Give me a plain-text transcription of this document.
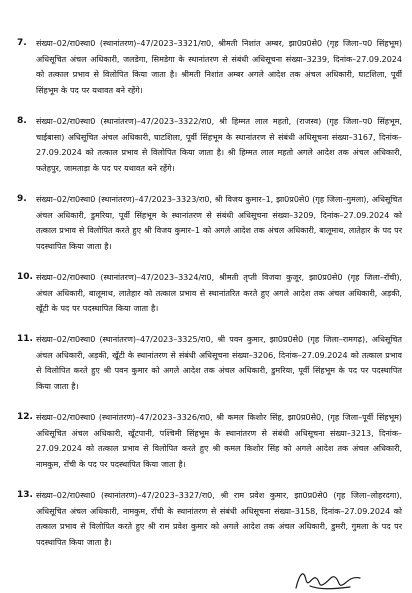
7. संख्या–02/रा0स्था0 (स्थानांतरण)–47/2023–3321/रा0, श्रीमती निशांत अम्बर, झा0प्र0से0 (गृह जिला–प0 सिंहभूम) अधिसूचित अंचल अधिकारी, जलडेगा, सिमडेगा के स्थानांतरण से संबंधी अधिसूचना संख्या–3239, दिनांक–27.09.2024 को तत्काल प्रभाव से विलोपित किया जाता है। श्रीमती निशांत अम्बर अगले आदेश तक अंचल अधिकारी, घाटशिला, पूर्वी सिंहभूम के पद पर यथावत बने रहेंगे।
8. संख्या–02/रा0स्था0 (स्थानांतरण)–47/2023–3322/रा0, श्री हिम्मत लाल महतो, (राजस्व) (गृह जिला–प0 सिंहभूम, चाईबासा) अधिसूचित अंचल अधिकारी, घाटशिला, पूर्वी सिंहभूम के स्थानांतरण से संबंधी अधिसूचना संख्या–3167, दिनांक–27.09.2024 को तत्काल प्रभाव से विलोपित किया जाता है। श्री हिम्मत लाल महतो अगले आदेश तक अंचल अधिकारी, फतेहपुर, जामताड़ा के पद पर यथावत बने रहेंगे।
9. संख्या–02/रा0स्था0 (स्थानांतरण)–47/2023–3323/रा0, श्री विजय कुमार–1, झा0प्र0से0 (गृह जिला–गुमला), अधिसूचित अंचल अधिकारी, डुमरिया, पूर्वी सिंहभूम के स्थानांतरण से संबंधी अधिसूचना संख्या–3209, दिनांक–27.09.2024 को तत्काल प्रभाव से विलोपित करते हुए श्री विजय कुमार–1 को अगले आदेश तक अंचल अधिकारी, बालूमाथ, लातेहार के पद पर पदस्थापित किया जाता है।
10. संख्या–02/रा0स्था0 (स्थानांतरण)–47/2023–3324/रा0, श्रीमती तृप्ती विजया कुजूर, झा0प्र0से0 (गृह जिला–राँची), अंचल अधिकारी, बालूमाथ, लातेहार को तत्काल प्रभाव से स्थानांतरित करते हुए अगले आदेश तक अंचल अधिकारी, अड़की, खूँटी के पद पर पदस्थापित किया जाता है।
11. संख्या–02/रा0स्था0 (स्थानांतरण)–47/2023–3325/रा0, श्री पवन कुमार, झा0प्र0से0 (गृह जिला–रामगढ़), अधिसूचित अंचल अधिकारी, अड़की, खूँटी के स्थानांतरण से संबंधी अधिसूचना संख्या–3206, दिनांक–27.09.2024 को तत्काल प्रभाव से विलोपित करते हुए श्री पवन कुमार को अगले आदेश तक अंचल अधिकारी, डुमरिया, पूर्वी सिंहभूम के पद पर पदस्थापित किया जाता है।
12. संख्या–02/रा0स्था0 (स्थानांतरण)–47/2023–3326/रा0, श्री कमल किशोर सिंह, झा0प्र0से0, (गृह जिला–पूर्वी सिंहभूम) अधिसूचित अंचल अधिकारी, खूँटपानी, पश्चिमी सिंहभूम के स्थानांतरण से संबंधी अधिसूचना संख्या–3213, दिनांक–27.09.2024 को तत्काल प्रभाव से विलोपित करते हुए श्री कमल किशोर सिंह को अगले आदेश तक अंचल अधिकारी, नामकुम, राँची के पद पर पदस्थापित किया जाता है।
13. संख्या–02/रा0स्था0 (स्थानांतरण)–47/2023–3327/रा0, श्री राम प्रवेश कुमार, झा0प्र0से0 (गृह जिला–लोहरदगा), अधिसूचित अंचल अधिकारी, नामकुम, राँची के स्थानांतरण से संबंधी अधिसूचना संख्या–3158, दिनांक–27.09.2024 को तत्काल प्रभाव से विलोपित करते हुए श्री राम प्रवेश कुमार को अगले आदेश तक अंचल अधिकारी, डुमरी, गुमला के पद पर पदस्थापित किया जाता है।
